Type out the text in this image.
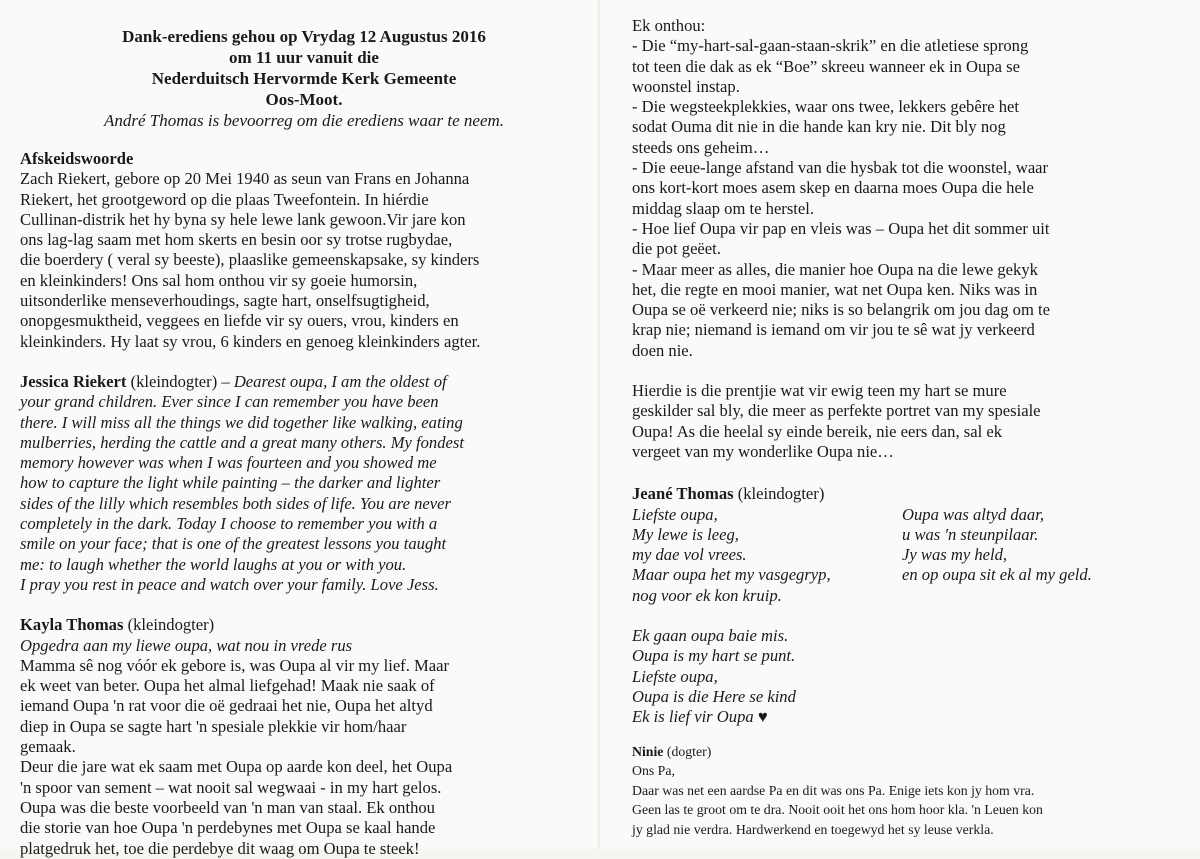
Dank-erediens gehou op Vrydag 12 Augustus 2016
om 11 uur vanuit die
Nederduitsch Hervormde Kerk Gemeente
Oos-Moot.
André Thomas is bevoorreg om die erediens waar te neem.

Afskeidswoorde
Zach Riekert, gebore op 20 Mei 1940 as seun van Frans en Johanna
Riekert, het grootgeword op die plaas Tweefontein. In hiérdie
Cullinan-distrik het hy byna sy hele lewe lank gewoon.Vir jare kon
ons lag-lag saam met hom skerts en besin oor sy trotse rugbydae,
die boerdery ( veral sy beeste), plaaslike gemeenskapsake, sy kinders
en kleinkinders! Ons sal hom onthou vir sy goeie humorsin,
uitsonderlike menseverhoudings, sagte hart, onselfsugtigheid,
onopgesmuktheid, veggees en liefde vir sy ouers, vrou, kinders en
kleinkinders. Hy laat sy vrou, 6 kinders en genoeg kleinkinders agter.

Jessica Riekert (kleindogter) – Dearest oupa, I am the oldest of
your grand children. Ever since I can remember you have been
there. I will miss all the things we did together like walking, eating
mulberries, herding the cattle and a great many others. My fondest
memory however was when I was fourteen and you showed me
how to capture the light while painting – the darker and lighter
sides of the lilly which resembles both sides of life. You are never
completely in the dark. Today I choose to remember you with a
smile on your face; that is one of the greatest lessons you taught
me: to laugh whether the world laughs at you or with you.
I pray you rest in peace and watch over your family. Love Jess.

Kayla Thomas (kleindogter)
Opgedra aan my liewe oupa, wat nou in vrede rus
Mamma sê nog vóór ek gebore is, was Oupa al vir my lief. Maar
ek weet van beter. Oupa het almal liefgehad! Maak nie saak of
iemand Oupa 'n rat voor die oë gedraai het nie, Oupa het altyd
diep in Oupa se sagte hart 'n spesiale plekkie vir hom/haar
gemaak.
Deur die jare wat ek saam met Oupa op aarde kon deel, het Oupa
'n spoor van sement – wat nooit sal wegwaai - in my hart gelos.
Oupa was die beste voorbeeld van 'n man van staal. Ek onthou
die storie van hoe Oupa 'n perdebynes met Oupa se kaal hande
platgedruk het, toe die perdebye dit waag om Oupa te steek!

Ek onthou:
- Die “my-hart-sal-gaan-staan-skrik” en die atletiese sprong
tot teen die dak as ek “Boe” skreeu wanneer ek in Oupa se
woonstel instap.
- Die wegsteekplekkies, waar ons twee, lekkers gebêre het
sodat Ouma dit nie in die hande kan kry nie. Dit bly nog
steeds ons geheim…
- Die eeue-lange afstand van die hysbak tot die woonstel, waar
ons kort-kort moes asem skep en daarna moes Oupa die hele
middag slaap om te herstel.
- Hoe lief Oupa vir pap en vleis was – Oupa het dit sommer uit
die pot geëet.
- Maar meer as alles, die manier hoe Oupa na die lewe gekyk
het, die regte en mooi manier, wat net Oupa ken. Niks was in
Oupa se oë verkeerd nie; niks is so belangrik om jou dag om te
krap nie; niemand is iemand om vir jou te sê wat jy verkeerd
doen nie.

Hierdie is die prentjie wat vir ewig teen my hart se mure
geskilder sal bly, die meer as perfekte portret van my spesiale
Oupa! As die heelal sy einde bereik, nie eers dan, sal ek
vergeet van my wonderlike Oupa nie…

Jeané Thomas (kleindogter)

Liefste oupa,
My lewe is leeg,
my dae vol vrees.
Maar oupa het my vasgegryp,
nog voor ek kon kruip.
Oupa was altyd daar,
u was 'n steunpilaar.
Jy was my held,
en op oupa sit ek al my geld.

Ek gaan oupa baie mis.
Oupa is my hart se punt.
Liefste oupa,
Oupa is die Here se kind
Ek is lief vir Oupa ♥

Ninie (dogter)
Ons Pa,
Daar was net een aardse Pa en dit was ons Pa. Enige iets kon jy hom vra.
Geen las te groot om te dra. Nooit ooit het ons hom hoor kla. 'n Leuen kon
jy glad nie verdra. Hardwerkend en toegewyd het sy leuse verkla.
